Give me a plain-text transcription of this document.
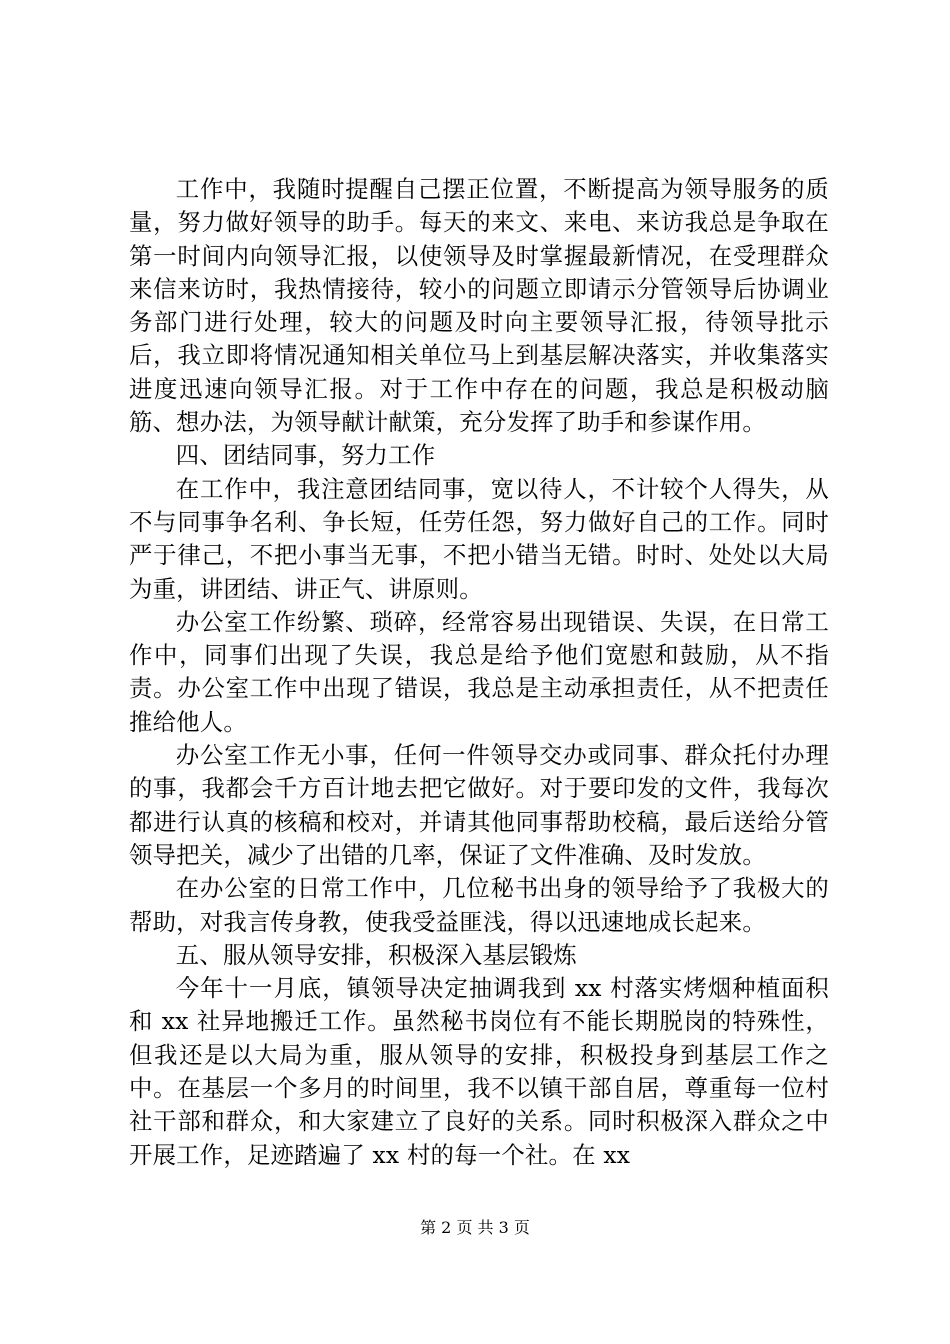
工作中，我随时提醒自己摆正位置，不断提高为领导服务的质量，努力做好领导的助手。每天的来文、来电、来访我总是争取在第一时间内向领导汇报，以使领导及时掌握最新情况，在受理群众来信来访时，我热情接待，较小的问题立即请示分管领导后协调业务部门进行处理，较大的问题及时向主要领导汇报，待领导批示后，我立即将情况通知相关单位马上到基层解决落实，并收集落实进度迅速向领导汇报。对于工作中存在的问题，我总是积极动脑筋、想办法，为领导献计献策，充分发挥了助手和参谋作用。

四、团结同事，努力工作

在工作中，我注意团结同事，宽以待人，不计较个人得失，从不与同事争名利、争长短，任劳任怨，努力做好自己的工作。同时严于律己，不把小事当无事，不把小错当无错。时时、处处以大局为重，讲团结、讲正气、讲原则。

办公室工作纷繁、琐碎，经常容易出现错误、失误，在日常工作中，同事们出现了失误，我总是给予他们宽慰和鼓励，从不指责。办公室工作中出现了错误，我总是主动承担责任，从不把责任推给他人。

办公室工作无小事，任何一件领导交办或同事、群众托付办理的事，我都会千方百计地去把它做好。对于要印发的文件，我每次都进行认真的核稿和校对，并请其他同事帮助校稿，最后送给分管领导把关，减少了出错的几率，保证了文件准确、及时发放。

在办公室的日常工作中，几位秘书出身的领导给予了我极大的帮助，对我言传身教，使我受益匪浅，得以迅速地成长起来。

五、服从领导安排，积极深入基层锻炼

今年十一月底，镇领导决定抽调我到 xx 村落实烤烟种植面积和 xx 社异地搬迁工作。虽然秘书岗位有不能长期脱岗的特殊性，但我还是以大局为重，服从领导的安排，积极投身到基层工作之中。在基层一个多月的时间里，我不以镇干部自居，尊重每一位村社干部和群众，和大家建立了良好的关系。同时积极深入群众之中开展工作，足迹踏遍了 xx 村的每一个社。在 xx

第 2 页 共 3 页
